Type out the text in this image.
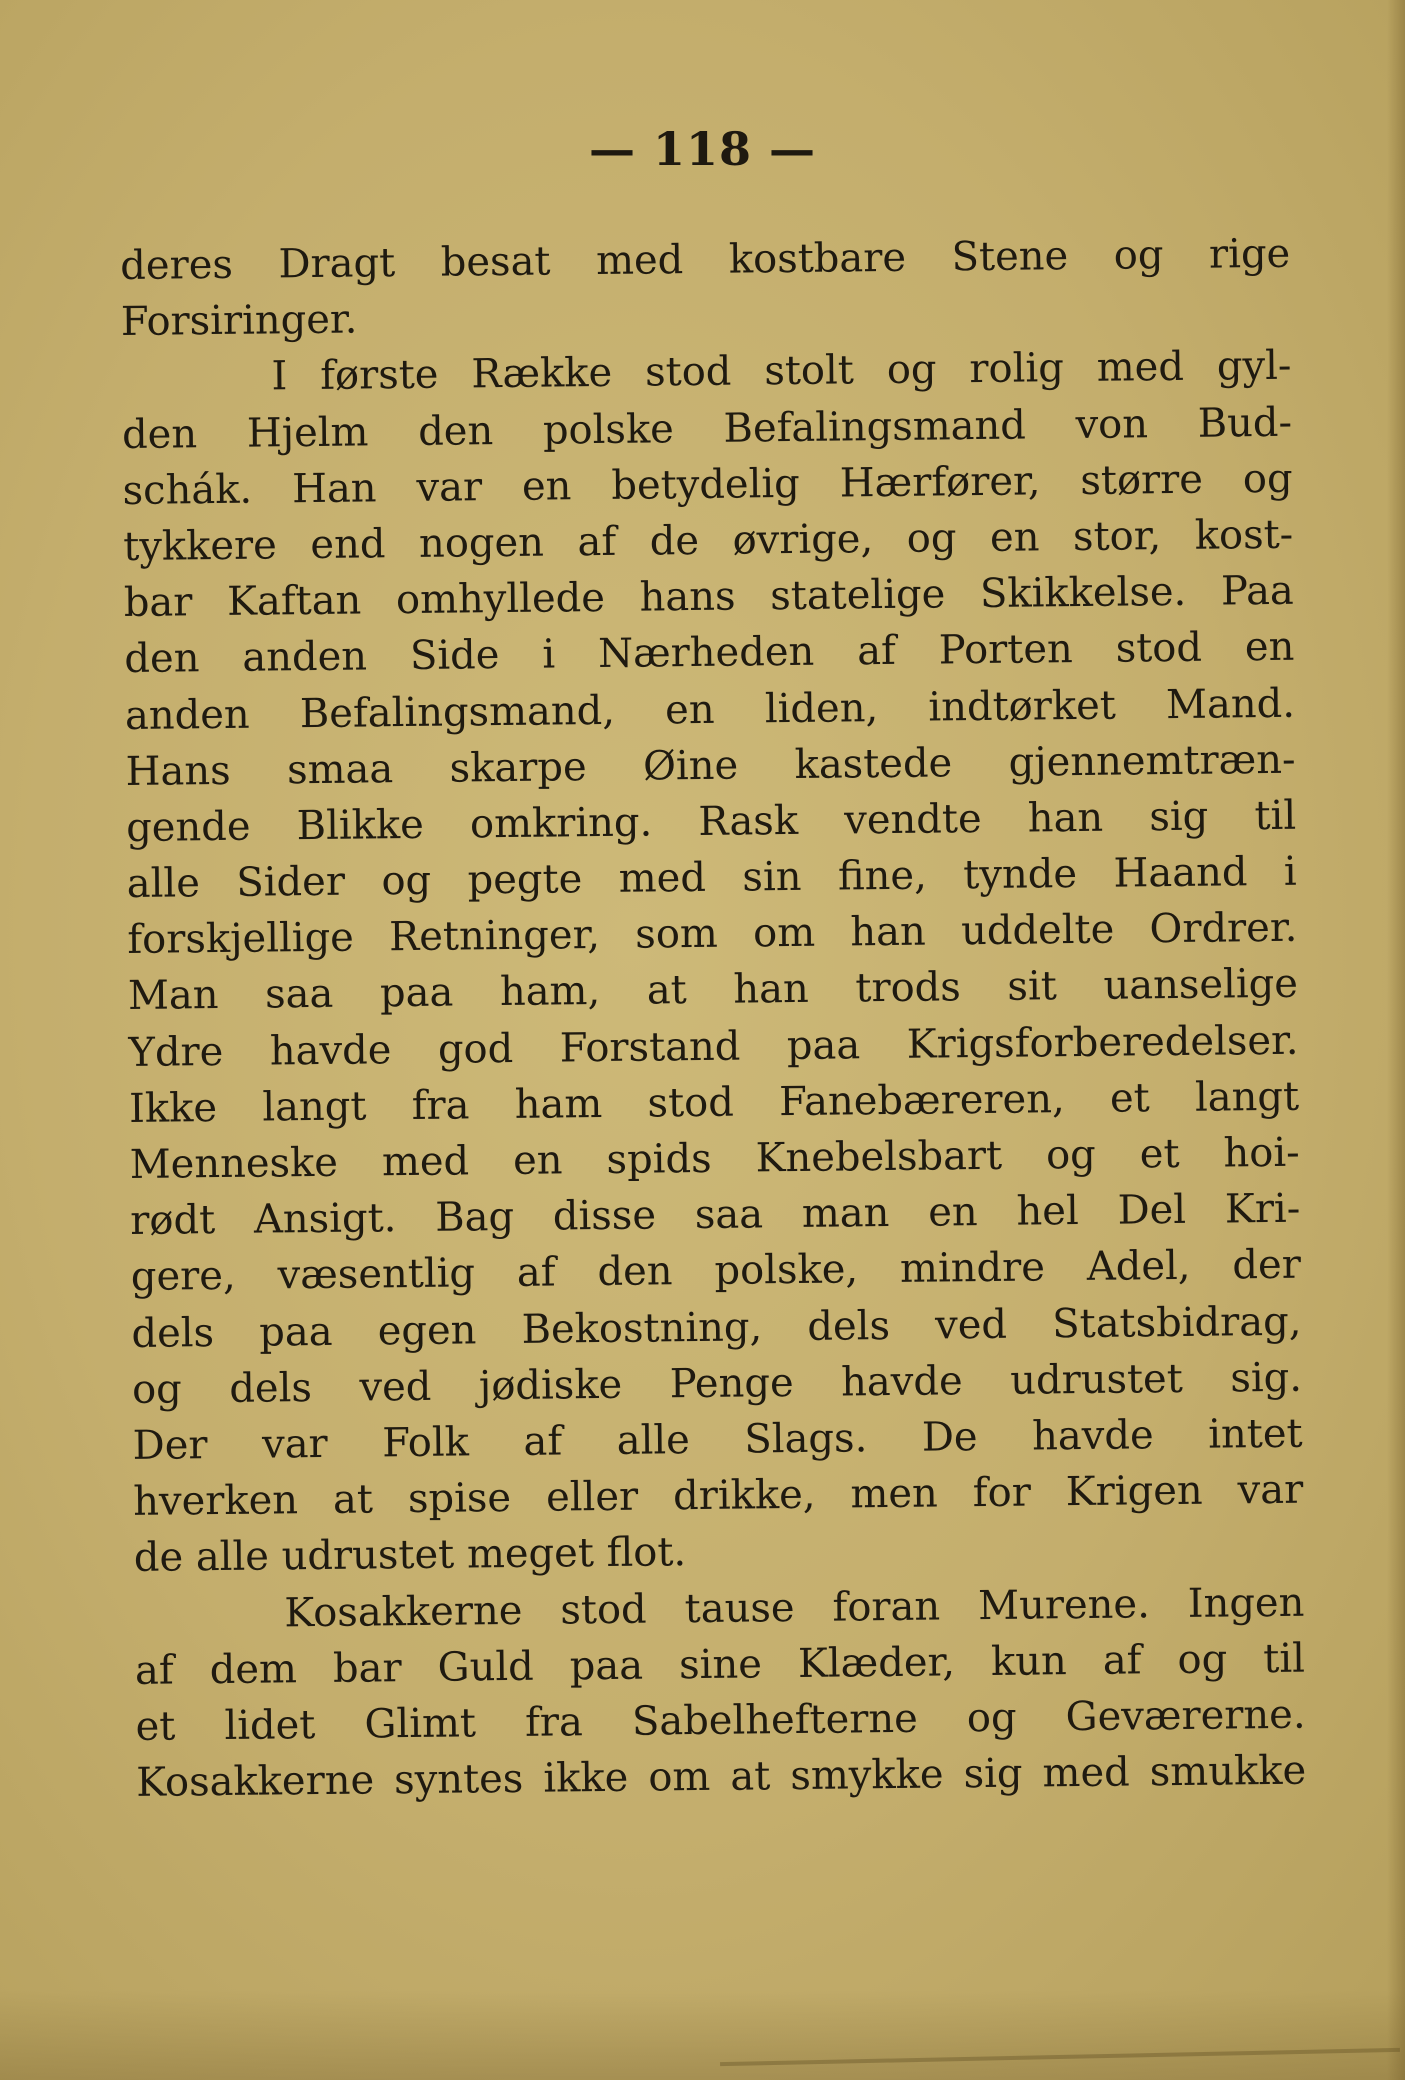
— 118 —
deres Dragt besat med kostbare Stene og rige
Forsiringer.
I første Række stod stolt og rolig med gyl-
den Hjelm den polske Befalingsmand von Bud-
schák. Han var en betydelig Hærfører, større og
tykkere end nogen af de øvrige, og en stor, kost-
bar Kaftan omhyllede hans statelige Skikkelse. Paa
den anden Side i Nærheden af Porten stod en
anden Befalingsmand, en liden, indtørket Mand.
Hans smaa skarpe Øine kastede gjennemtræn-
gende Blikke omkring. Rask vendte han sig til
alle Sider og pegte med sin fine, tynde Haand i
forskjellige Retninger, som om han uddelte Ordrer.
Man saa paa ham, at han trods sit uanselige
Ydre havde god Forstand paa Krigsforberedelser.
Ikke langt fra ham stod Fanebæreren, et langt
Menneske med en spids Knebelsbart og et hoi-
rødt Ansigt. Bag disse saa man en hel Del Kri-
gere, væsentlig af den polske, mindre Adel, der
dels paa egen Bekostning, dels ved Statsbidrag,
og dels ved jødiske Penge havde udrustet sig.
Der var Folk af alle Slags. De havde intet
hverken at spise eller drikke, men for Krigen var
de alle udrustet meget flot.
Kosakkerne stod tause foran Murene. Ingen
af dem bar Guld paa sine Klæder, kun af og til
et lidet Glimt fra Sabelhefterne og Geværerne.
Kosakkerne syntes ikke om at smykke sig med smukke
